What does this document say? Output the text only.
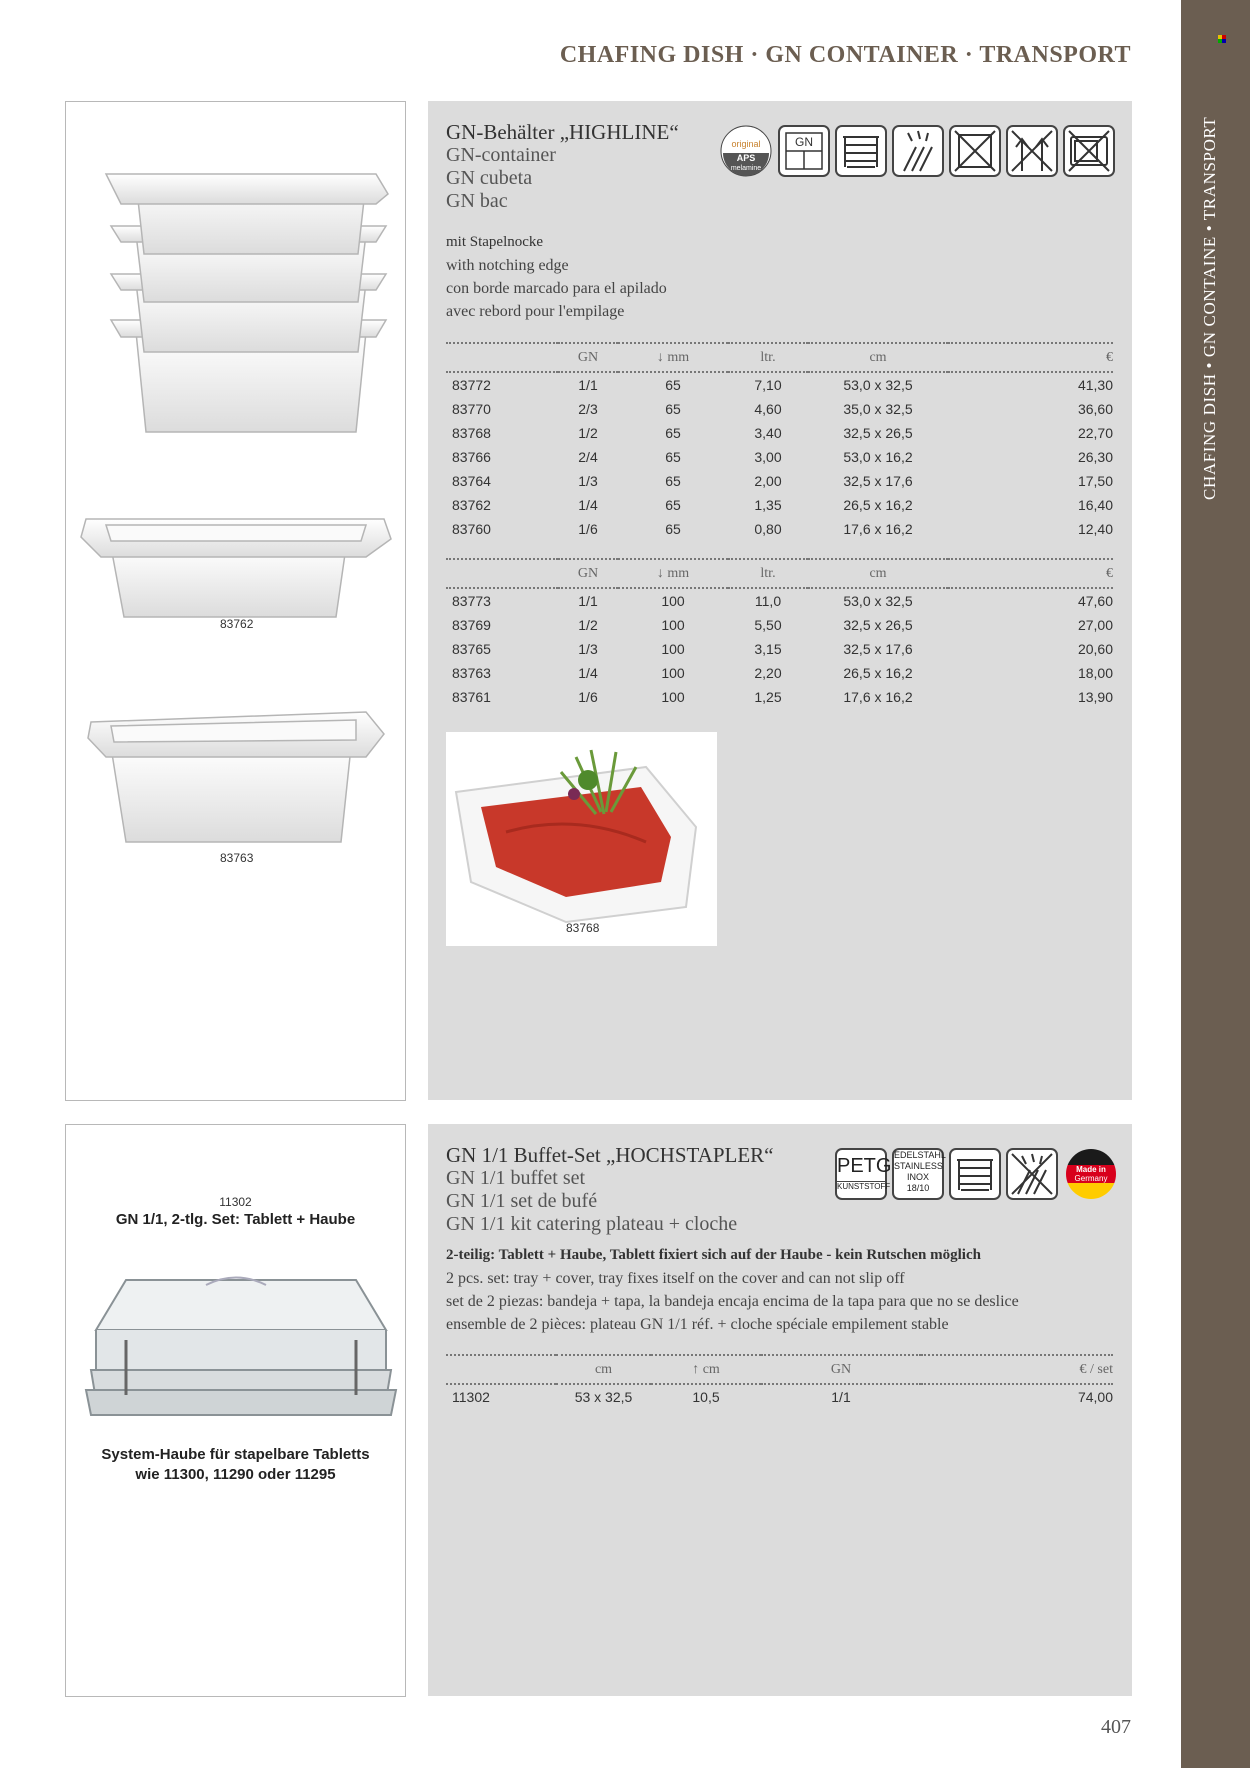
CHAFING DISH • GN CONTAINE • TRANSPORT
CHAFING DISH · GN CONTAINER · TRANSPORT
83762
83763
GN-Behälter „HIGHLINE“
GN-container
GN cubeta
GN bac
original
APS
melamine
GN
mit Stapelnocke
with notching edge
con borde marcado para el apilado
avec rebord pour l'empilage
	GN	↓ mm	ltr.	cm	€
83772	1/1	65	7,10	53,0 x 32,5	41,30
83770	2/3	65	4,60	35,0 x 32,5	36,60
83768	1/2	65	3,40	32,5 x 26,5	22,70
83766	2/4	65	3,00	53,0 x 16,2	26,30
83764	1/3	65	2,00	32,5 x 17,6	17,50
83762	1/4	65	1,35	26,5 x 16,2	16,40
83760	1/6	65	0,80	17,6 x 16,2	12,40
	GN	↓ mm	ltr.	cm	€
83773	1/1	100	11,0	53,0 x 32,5	47,60
83769	1/2	100	5,50	32,5 x 26,5	27,00
83765	1/3	100	3,15	32,5 x 17,6	20,60
83763	1/4	100	2,20	26,5 x 16,2	18,00
83761	1/6	100	1,25	17,6 x 16,2	13,90
83768
11302
GN 1/1, 2-tlg. Set: Tablett + Haube
System-Haube für stapelbare Tabletts
wie 11300, 11290 oder 11295
GN 1/1 Buffet-Set „HOCHSTAPLER“
GN 1/1 buffet set
GN 1/1 set de bufé
GN 1/1 kit catering plateau + cloche
PETG
KUNSTSTOFF
EDELSTAHL
STAINLESS
INOX
18/10
Made in
Germany
2-teilig: Tablett + Haube, Tablett fixiert sich auf der Haube - kein Rutschen möglich
2 pcs. set: tray + cover, tray fixes itself on the cover and can not slip off
set de 2 piezas: bandeja + tapa, la bandeja encaja encima de la tapa para que no se deslice
ensemble de 2 pièces: plateau GN 1/1 réf. + cloche spéciale empilement stable
	cm	↑ cm	GN	€ / set
11302	53 x 32,5	10,5	1/1	74,00
407
